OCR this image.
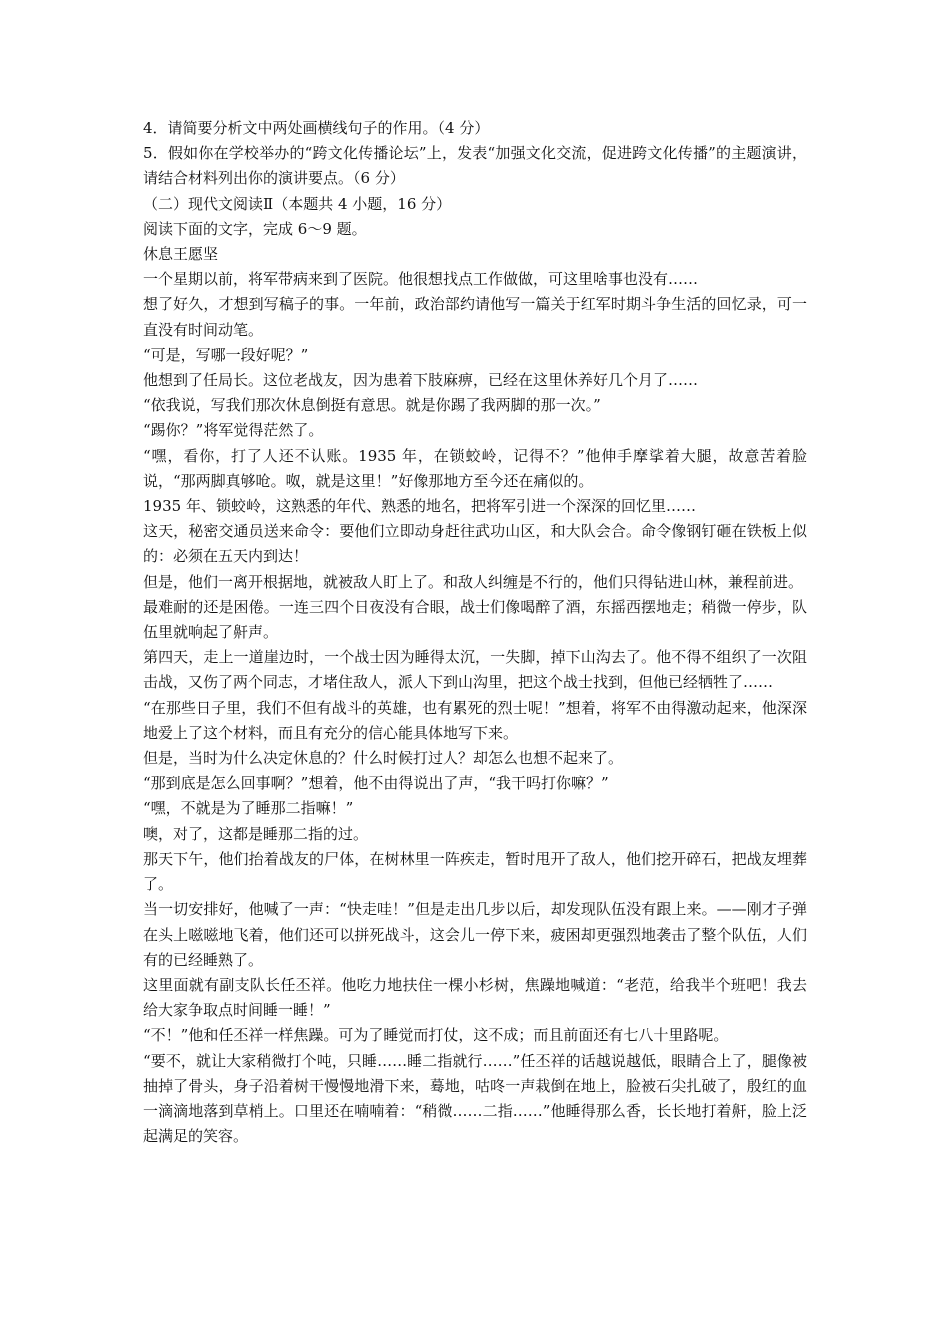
4．请简要分析文中两处画横线句子的作用。（4 分）

5．假如你在学校举办的“跨文化传播论坛”上，发表“加强文化交流，促进跨文化传播”的主题演讲，请结合材料列出你的演讲要点。（6 分）

（二）现代文阅读Ⅱ（本题共 4 小题，16 分）

阅读下面的文字，完成 6～9 题。

休息王愿坚

一个星期以前，将军带病来到了医院。他很想找点工作做做，可这里啥事也没有……

想了好久，才想到写稿子的事。一年前，政治部约请他写一篇关于红军时期斗争生活的回忆录，可一直没有时间动笔。

“可是，写哪一段好呢？”

他想到了任局长。这位老战友，因为患着下肢麻痹，已经在这里休养好几个月了……

“依我说，写我们那次休息倒挺有意思。就是你踢了我两脚的那一次。”

“踢你？”将军觉得茫然了。

“嘿，看你，打了人还不认账。1935 年，在锁蛟岭，记得不？”他伸手摩挲着大腿，故意苦着脸说，“那两脚真够呛。呶，就是这里！”好像那地方至今还在痛似的。

1935 年、锁蛟岭，这熟悉的年代、熟悉的地名，把将军引进一个深深的回忆里……

这天，秘密交通员送来命令：要他们立即动身赶往武功山区，和大队会合。命令像钢钉砸在铁板上似的：必须在五天内到达！

但是，他们一离开根据地，就被敌人盯上了。和敌人纠缠是不行的，他们只得钻进山林，兼程前进。

最难耐的还是困倦。一连三四个日夜没有合眼，战士们像喝醉了酒，东摇西摆地走；稍微一停步，队伍里就响起了鼾声。

第四天，走上一道崖边时，一个战士因为睡得太沉，一失脚，掉下山沟去了。他不得不组织了一次阻击战，又伤了两个同志，才堵住敌人，派人下到山沟里，把这个战士找到，但他已经牺牲了……

“在那些日子里，我们不但有战斗的英雄，也有累死的烈士呢！”想着，将军不由得激动起来，他深深地爱上了这个材料，而且有充分的信心能具体地写下来。

但是，当时为什么决定休息的？什么时候打过人？却怎么也想不起来了。

“那到底是怎么回事啊？”想着，他不由得说出了声，“我干吗打你嘛？”

“嘿，不就是为了睡那二指嘛！”

噢，对了，这都是睡那二指的过。

那天下午，他们抬着战友的尸体，在树林里一阵疾走，暂时甩开了敌人，他们挖开碎石，把战友埋葬了。

当一切安排好，他喊了一声：“快走哇！”但是走出几步以后，却发现队伍没有跟上来。——刚才子弹在头上嗞嗞地飞着，他们还可以拼死战斗，这会儿一停下来，疲困却更强烈地袭击了整个队伍，人们有的已经睡熟了。

这里面就有副支队长任丕祥。他吃力地扶住一棵小杉树，焦躁地喊道：“老范，给我半个班吧！我去给大家争取点时间睡一睡！”

“不！”他和任丕祥一样焦躁。可为了睡觉而打仗，这不成；而且前面还有七八十里路呢。

“要不，就让大家稍微打个吨，只睡……睡二指就行……”任丕祥的话越说越低，眼睛合上了，腿像被抽掉了骨头，身子沿着树干慢慢地滑下来，蓦地，咕咚一声栽倒在地上，脸被石尖扎破了，殷红的血一滴滴地落到草梢上。口里还在喃喃着：“稍微……二指……”他睡得那么香，长长地打着鼾，脸上泛起满足的笑容。
